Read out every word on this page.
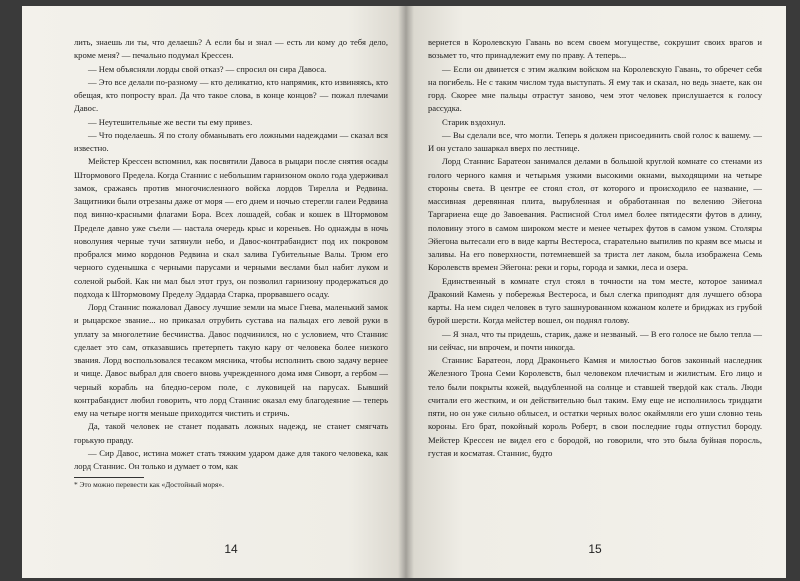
лить, знаешь ли ты, что делаешь? А если бы и знал — есть ли кому до тебя дело, кроме меня? — печально подумал Крессен.

— Нем объясняли лорды свой отказ? — спросил он сира Давоса.

— Это все делали по-разному — кто деликатно, кто напрямик, кто извиняясь, кто обещая, кто попросту врал. Да что такое слова, в конце концов? — пожал плечами Давос.

— Неутешительные же вести ты ему привез.

— Что поделаешь. Я по столу обманывать его ложными надеждами — сказал вся известно.

Мейстер Крессен вспомнил, как посвятили Давоса в рыцари после снятия осады Штормового Предела. Когда Станнис с небольшим гарнизоном около года удерживал замок, сражаясь против многочисленного войска лордов Тирелла и Редвина. Защитники были отрезаны даже от моря — его днем и ночью стерегли галеи Редвина под винно-красными флагами Бора. Всех лошадей, собак и кошек в Штормовом Пределе давно уже съели — настала очередь крыс и кореньев. Но однажды в ночь новолуния черные тучи затянули небо, и Давос-контрабандист под их покровом пробрался мимо кордонов Редвина и скал залива Губительные Валы. Трюм его черного суденышка с черными парусами и черными веслами был набит луком и соленой рыбой. Как ни мал был этот груз, он позволил гарнизону продержаться до подхода к Штормовому Пределу Эддарда Старка, прорвавшего осаду.

Лорд Станнис пожаловал Давосу лучшие земли на мысе Гнева, маленький замок и рыцарское звание... но приказал отрубить сустава на пальцах его левой руки в уплату за многолетние бесчинства. Давос подчинился, но с условием, что Станнис сделает это сам, отказавшись претерпеть такую кару от человека более низкого звания. Лорд воспользовался тесаком мясника, чтобы исполнить свою задачу вернее и чище. Давос выбрал для своего вновь учрежденного дома имя Сиворт, а гербом — черный корабль на бледно-сером поле, с луковицей на парусах. Бывший контрабандист любил говорить, что лорд Станнис оказал ему благодеяние — теперь ему на четыре ногтя меньше приходится чистить и стричь.

Да, такой человек не станет подавать ложных надежд, не станет смягчать горькую правду.

— Сир Давос, истина может стать тяжким ударом даже для такого человека, как лорд Станнис. Он только и думает о том, как

* Это можно перевести как «Достойный моря».

14

вернется в Королевскую Гавань во всем своем могуществе, сокрушит своих врагов и возьмет то, что принадлежит ему по праву. А теперь...

— Если он двинется с этим жалким войском на Королевскую Гавань, то обречет себя на погибель. Не с таким числом туда выступать. Я ему так и сказал, но ведь знаете, как он горд. Скорее мне пальцы отрастут заново, чем этот человек прислушается к голосу рассудка.

Старик вздохнул.

— Вы сделали все, что могли. Теперь я должен присоединить свой голос к вашему. — И он устало зашаркал вверх по лестнице.

Лорд Станнис Баратеон занимался делами в большой круглой комнате со стенами из голого черного камня и четырьмя узкими высокими окнами, выходящими на четыре стороны света. В центре ее стоял стол, от которого и происходило ее название, — массивная деревянная плита, вырубленная и обработанная по велению Эйегона Таргариена еще до Завоевания. Расписной Стол имел более пятидесяти футов в длину, половину этого в самом широком месте и менее четырех футов в самом узком. Столяры Эйегона вытесали его в виде карты Вестероса, старательно выпилив по краям все мысы и заливы. На его поверхности, потемневшей за триста лет лаком, была изображена Семь Королевств времен Эйегона: реки и горы, города и замки, леса и озера.

Единственный в комнате стул стоял в точности на том месте, которое занимал Драконий Камень у побережья Вестероса, и был слегка приподнят для лучшего обзора карты. На нем сидел человек в туго зашнурованном кожаном колете и бриджах из грубой бурой шерсти. Когда мейстер вошел, он поднял голову.

— Я знал, что ты придешь, старик, даже и незваный. — В его голосе не было тепла — ни сейчас, ни впрочем, и почти никогда.

Станнис Баратеон, лорд Драконьего Камня и милостью богов законный наследник Железного Трона Семи Королевств, был человеком плечистым и жилистым. Его лицо и тело были покрыты кожей, выдубленной на солнце и ставшей твердой как сталь. Люди считали его жестким, и он действительно был таким. Ему еще не исполнилось тридцати пяти, но он уже сильно облысел, и остатки черных волос окаймляли его уши словно тень короны. Его брат, покойный король Роберт, в свои последние годы отпустил бороду. Мейстер Крессен не видел его с бородой, но говорили, что это была буйная поросль, густая и косматая. Станнис, будто

15
